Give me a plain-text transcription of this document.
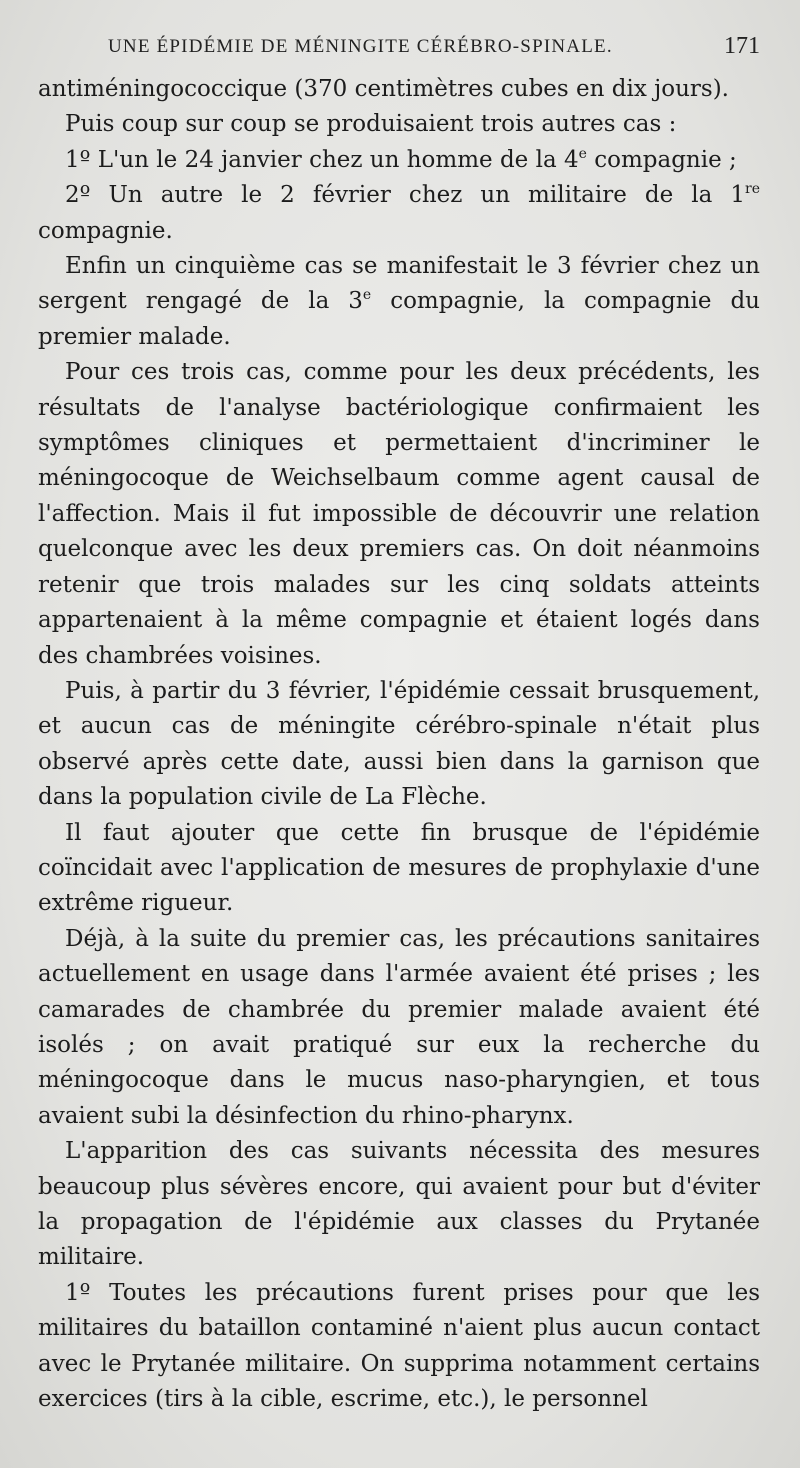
UNE ÉPIDÉMIE DE MÉNINGITE CÉRÉBRO-SPINALE.	171

antiméningococcique (370 centimètres cubes en dix jours).

Puis coup sur coup se produisaient trois autres cas :

1º L'un le 24 janvier chez un homme de la 4e compagnie ;

2º Un autre le 2 février chez un militaire de la 1re compagnie.

Enfin un cinquième cas se manifestait le 3 février chez un sergent rengagé de la 3e compagnie, la compagnie du premier malade.

Pour ces trois cas, comme pour les deux précédents, les résultats de l'analyse bactériologique confirmaient les symptômes cliniques et permettaient d'incriminer le méningocoque de Weichselbaum comme agent causal de l'affection. Mais il fut impossible de découvrir une relation quelconque avec les deux premiers cas. On doit néanmoins retenir que trois malades sur les cinq soldats atteints appartenaient à la même compagnie et étaient logés dans des chambrées voisines.

Puis, à partir du 3 février, l'épidémie cessait brusquement, et aucun cas de méningite cérébro-spinale n'était plus observé après cette date, aussi bien dans la garnison que dans la population civile de La Flèche.

Il faut ajouter que cette fin brusque de l'épidémie coïncidait avec l'application de mesures de prophylaxie d'une extrême rigueur.

Déjà, à la suite du premier cas, les précautions sanitaires actuellement en usage dans l'armée avaient été prises ; les camarades de chambrée du premier malade avaient été isolés ; on avait pratiqué sur eux la recherche du méningocoque dans le mucus naso-pharyngien, et tous avaient subi la désinfection du rhino-pharynx.

L'apparition des cas suivants nécessita des mesures beaucoup plus sévères encore, qui avaient pour but d'éviter la propagation de l'épidémie aux classes du Prytanée militaire.

1º Toutes les précautions furent prises pour que les militaires du bataillon contaminé n'aient plus aucun contact avec le Prytanée militaire. On supprima notamment certains exercices (tirs à la cible, escrime, etc.), le personnel
